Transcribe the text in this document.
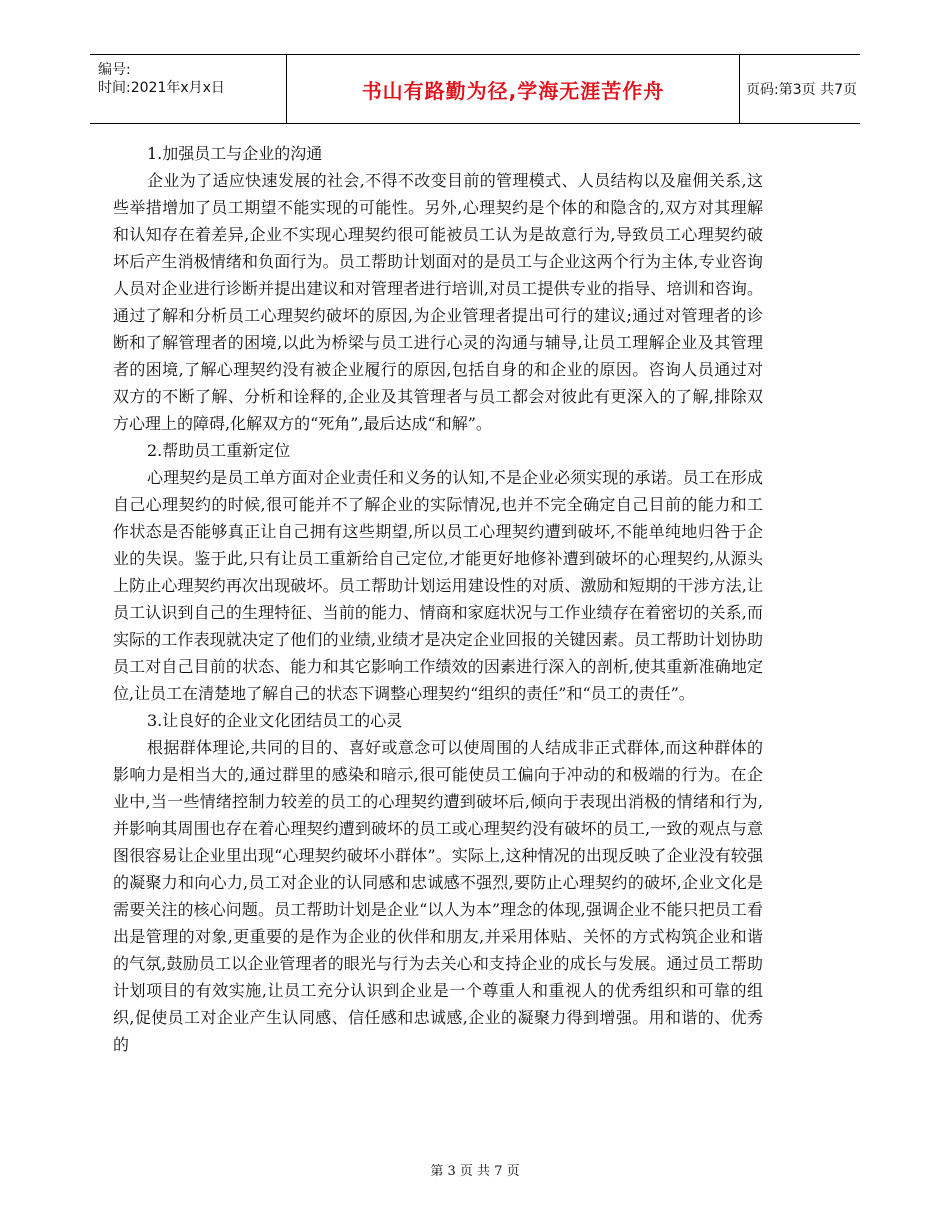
编号:
时间:2021年x月x日	书山有路勤为径,学海无涯苦作舟	页码:第3页 共7页

1.加强员工与企业的沟通

企业为了适应快速发展的社会,不得不改变目前的管理模式、人员结构以及雇佣关系,这些举措增加了员工期望不能实现的可能性。另外,心理契约是个体的和隐含的,双方对其理解和认知存在着差异,企业不实现心理契约很可能被员工认为是故意行为,导致员工心理契约破坏后产生消极情绪和负面行为。员工帮助计划面对的是员工与企业这两个行为主体,专业咨询人员对企业进行诊断并提出建议和对管理者进行培训,对员工提供专业的指导、培训和咨询。通过了解和分析员工心理契约破坏的原因,为企业管理者提出可行的建议;通过对管理者的诊断和了解管理者的困境,以此为桥梁与员工进行心灵的沟通与辅导,让员工理解企业及其管理者的困境,了解心理契约没有被企业履行的原因,包括自身的和企业的原因。咨询人员通过对双方的不断了解、分析和诠释的,企业及其管理者与员工都会对彼此有更深入的了解,排除双方心理上的障碍,化解双方的“死角”,最后达成“和解”。

2.帮助员工重新定位

心理契约是员工单方面对企业责任和义务的认知,不是企业必须实现的承诺。员工在形成自己心理契约的时候,很可能并不了解企业的实际情况,也并不完全确定自己目前的能力和工作状态是否能够真正让自己拥有这些期望,所以员工心理契约遭到破坏,不能单纯地归咎于企业的失误。鉴于此,只有让员工重新给自己定位,才能更好地修补遭到破坏的心理契约,从源头上防止心理契约再次出现破坏。员工帮助计划运用建设性的对质、激励和短期的干涉方法,让员工认识到自己的生理特征、当前的能力、情商和家庭状况与工作业绩存在着密切的关系,而实际的工作表现就决定了他们的业绩,业绩才是决定企业回报的关键因素。员工帮助计划协助员工对自己目前的状态、能力和其它影响工作绩效的因素进行深入的剖析,使其重新准确地定位,让员工在清楚地了解自己的状态下调整心理契约“组织的责任”和“员工的责任”。

3.让良好的企业文化团结员工的心灵

根据群体理论,共同的目的、喜好或意念可以使周围的人结成非正式群体,而这种群体的影响力是相当大的,通过群里的感染和暗示,很可能使员工偏向于冲动的和极端的行为。在企业中,当一些情绪控制力较差的员工的心理契约遭到破坏后,倾向于表现出消极的情绪和行为,并影响其周围也存在着心理契约遭到破坏的员工或心理契约没有破坏的员工,一致的观点与意图很容易让企业里出现“心理契约破坏小群体”。实际上,这种情况的出现反映了企业没有较强的凝聚力和向心力,员工对企业的认同感和忠诚感不强烈,要防止心理契约的破坏,企业文化是需要关注的核心问题。员工帮助计划是企业“以人为本”理念的体现,强调企业不能只把员工看出是管理的对象,更重要的是作为企业的伙伴和朋友,并采用体贴、关怀的方式构筑企业和谐的气氛,鼓励员工以企业管理者的眼光与行为去关心和支持企业的成长与发展。通过员工帮助计划项目的有效实施,让员工充分认识到企业是一个尊重人和重视人的优秀组织和可靠的组织,促使员工对企业产生认同感、信任感和忠诚感,企业的凝聚力得到增强。用和谐的、优秀的

第 3 页 共 7 页
